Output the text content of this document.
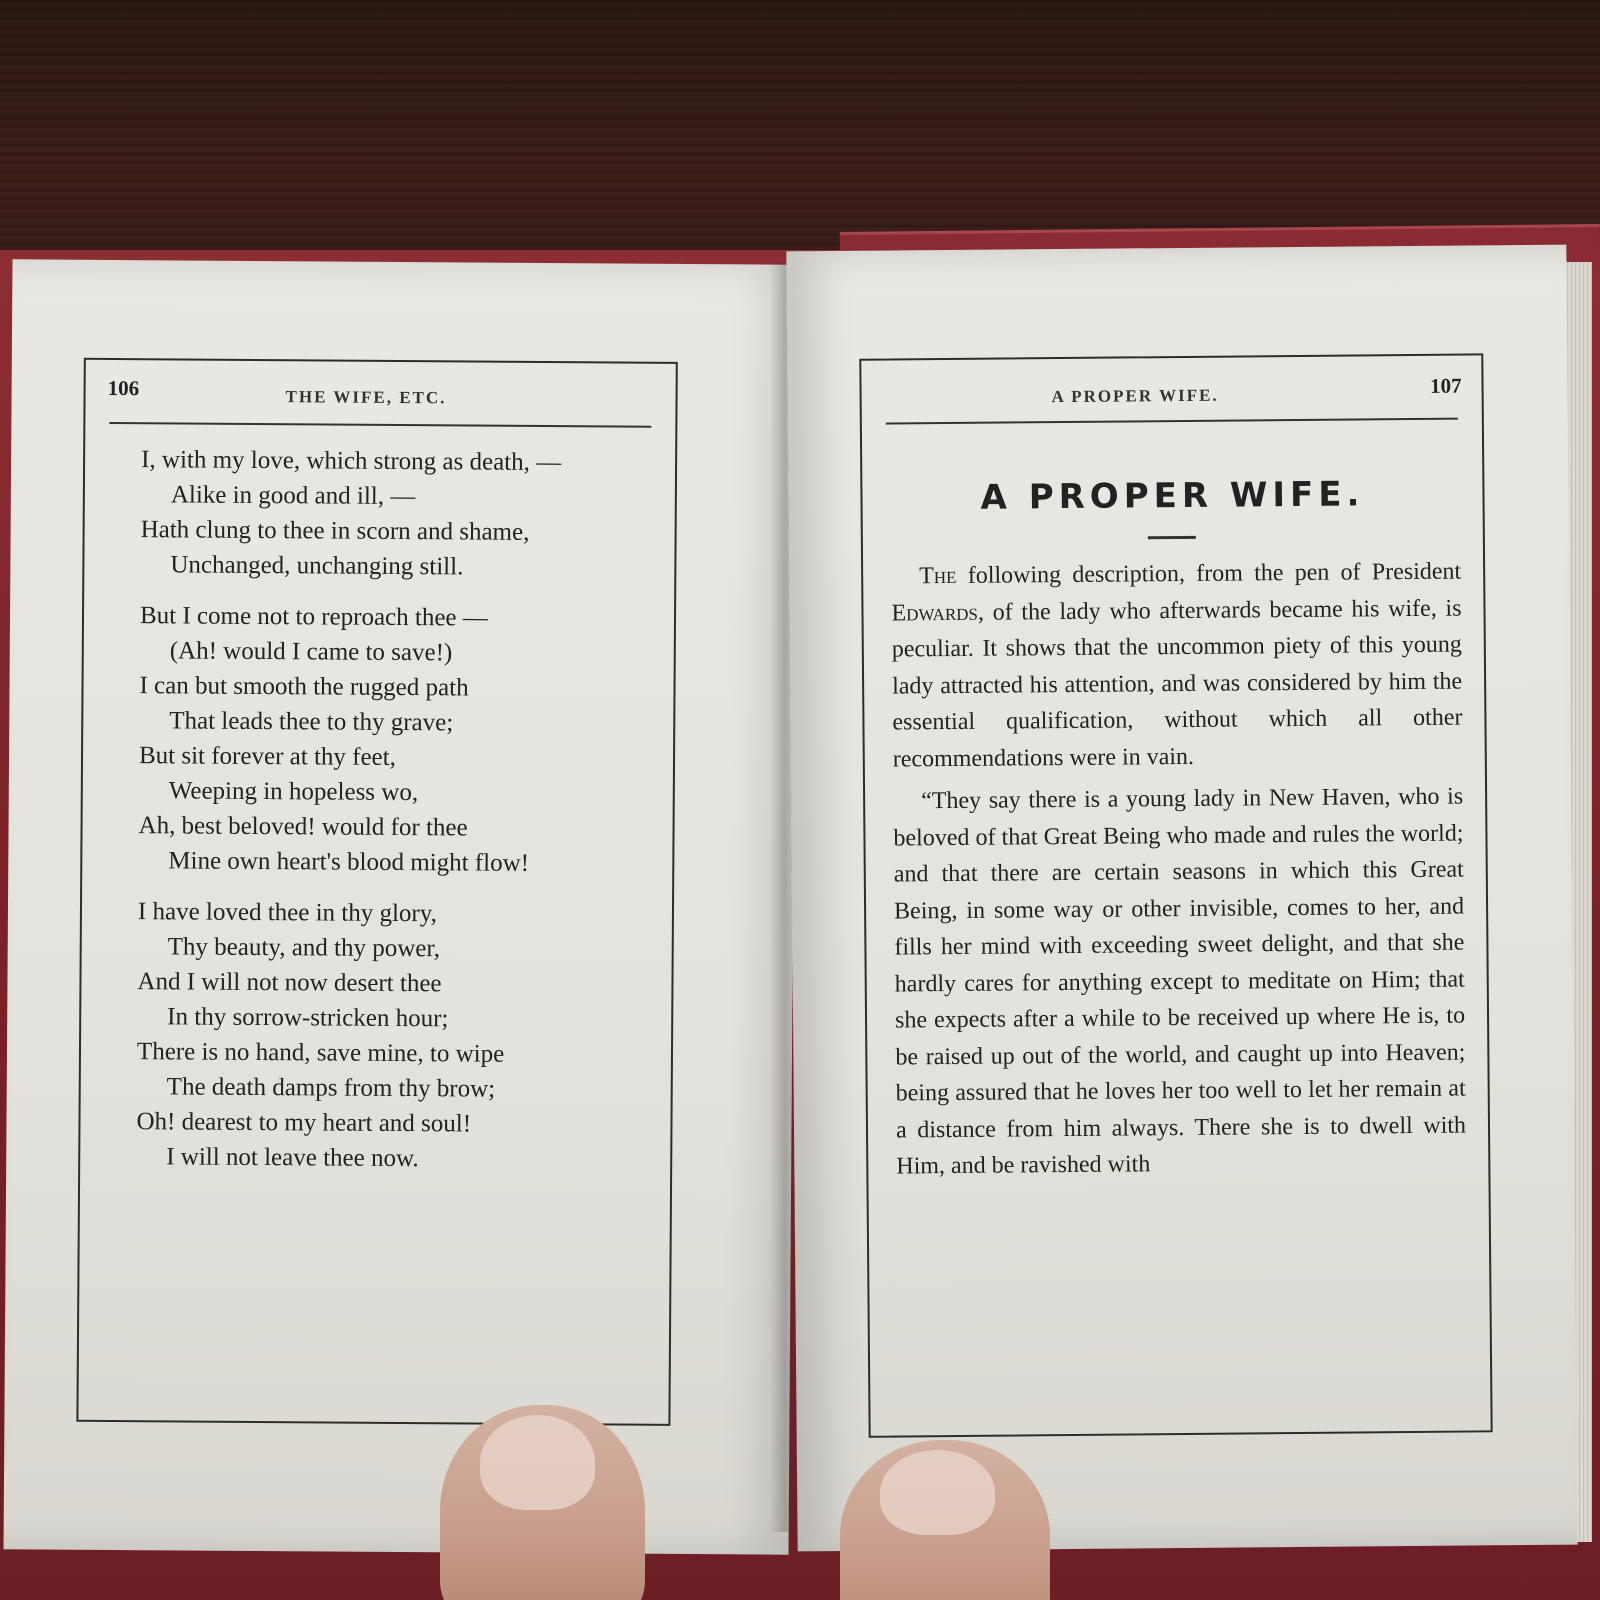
106	THE WIFE, ETC.
I, with my love, which strong as death, —
Alike in good and ill, —
Hath clung to thee in scorn and shame,
Unchanged, unchanging still.
But I come not to reproach thee —
(Ah! would I came to save!)
I can but smooth the rugged path
That leads thee to thy grave;
But sit forever at thy feet,
Weeping in hopeless wo,
Ah, best beloved! would for thee
Mine own heart's blood might flow!
I have loved thee in thy glory,
Thy beauty, and thy power,
And I will not now desert thee
In thy sorrow-stricken hour;
There is no hand, save mine, to wipe
The death damps from thy brow;
Oh! dearest to my heart and soul!
I will not leave thee now.
A PROPER WIFE.	107
A PROPER WIFE.

The following description, from the pen of President Edwards, of the lady who afterwards became his wife, is peculiar. It shows that the uncommon piety of this young lady attracted his attention, and was considered by him the essential qualification, without which all other recommendations were in vain.

“They say there is a young lady in New Haven, who is beloved of that Great Being who made and rules the world; and that there are certain seasons in which this Great Being, in some way or other invisible, comes to her, and fills her mind with exceeding sweet delight, and that she hardly cares for anything except to meditate on Him; that she expects after a while to be received up where He is, to be raised up out of the world, and caught up into Heaven; being assured that he loves her too well to let her remain at a distance from him always. There she is to dwell with Him, and be ravished with
